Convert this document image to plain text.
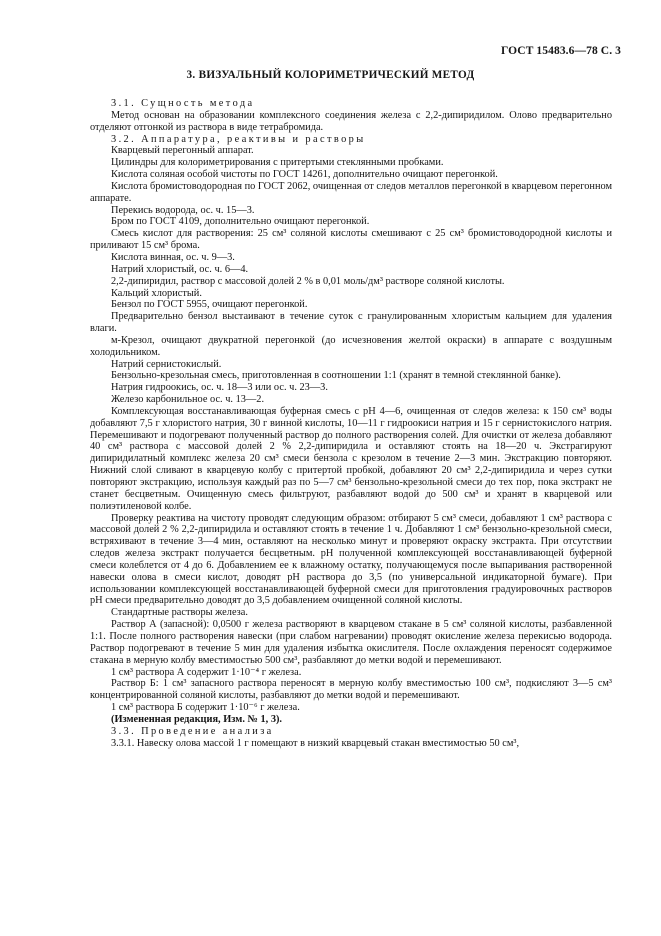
ГОСТ 15483.6—78 С. 3
3. ВИЗУАЛЬНЫЙ КОЛОРИМЕТРИЧЕСКИЙ МЕТОД

3.1. Сущность метода

Метод основан на образовании комплексного соединения железа с 2,2-дипиридилом. Олово предварительно отделяют отгонкой из раствора в виде тетрабромида.

3.2. Аппаратура, реактивы и растворы

Кварцевый перегонный аппарат.

Цилиндры для колориметрирования с притертыми стеклянными пробками.

Кислота соляная особой чистоты по ГОСТ 14261, дополнительно очищают перегонкой.

Кислота бромистоводородная по ГОСТ 2062, очищенная от следов металлов перегонкой в кварцевом перегонном аппарате.

Перекись водорода, ос. ч. 15—3.

Бром по ГОСТ 4109, дополнительно очищают перегонкой.

Смесь кислот для растворения: 25 см³ соляной кислоты смешивают с 25 см³ бромистоводородной кислоты и приливают 15 см³ брома.

Кислота винная, ос. ч. 9—3.

Натрий хлористый, ос. ч. 6—4.

2,2-дипиридил, раствор с массовой долей 2 % в 0,01 моль/дм³ растворе соляной кислоты.

Кальций хлористый.

Бензол по ГОСТ 5955, очищают перегонкой.

Предварительно бензол выстаивают в течение суток с гранулированным хлористым кальцием для удаления влаги.

м-Крезол, очищают двукратной перегонкой (до исчезновения желтой окраски) в аппарате с воздушным холодильником.

Натрий сернистокислый.

Бензольно-крезольная смесь, приготовленная в соотношении 1:1 (хранят в темной стеклянной банке).

Натрия гидроокись, ос. ч. 18—3 или ос. ч. 23—3.

Железо карбонильное ос. ч. 13—2.

Комплексующая восстанавливающая буферная смесь с рН 4—6, очищенная от следов железа: к 150 см³ воды добавляют 7,5 г хлористого натрия, 30 г винной кислоты, 10—11 г гидроокиси натрия и 15 г сернистокислого натрия. Перемешивают и подогревают полученный раствор до полного растворения солей. Для очистки от железа добавляют 40 см³ раствора с массовой долей 2 % 2,2-дипиридила и оставляют стоять на 18—20 ч. Экстрагируют дипиридилатный комплекс железа 20 см³ смеси бензола с крезолом в течение 2—3 мин. Экстракцию повторяют. Нижний слой сливают в кварцевую колбу с притертой пробкой, добавляют 20 см³ 2,2-дипиридила и через сутки повторяют экстракцию, используя каждый раз по 5—7 см³ бензольно-крезольной смеси до тех пор, пока экстракт не станет бесцветным. Очищенную смесь фильтруют, разбавляют водой до 500 см³ и хранят в кварцевой или полиэтиленовой колбе.

Проверку реактива на чистоту проводят следующим образом: отбирают 5 см³ смеси, добавляют 1 см³ раствора с массовой долей 2 % 2,2-дипиридила и оставляют стоять в течение 1 ч. Добавляют 1 см³ бензольно-крезольной смеси, встряхивают в течение 3—4 мин, оставляют на несколько минут и проверяют окраску экстракта. При отсутствии следов железа экстракт получается бесцветным. рН полученной комплексующей восстанавливающей буферной смеси колеблется от 4 до 6. Добавлением ее к влажному остатку, получающемуся после выпаривания растворенной навески олова в смеси кислот, доводят рН раствора до 3,5 (по универсальной индикаторной бумаге). При использовании комплексующей восстанавливающей буферной смеси для приготовления градуировочных растворов рН смеси предварительно доводят до 3,5 добавлением очищенной соляной кислоты.

Стандартные растворы железа.

Раствор А (запасной): 0,0500 г железа растворяют в кварцевом стакане в 5 см³ соляной кислоты, разбавленной 1:1. После полного растворения навески (при слабом нагревании) проводят окисление железа перекисью водорода. Раствор подогревают в течение 5 мин для удаления избытка окислителя. После охлаждения переносят содержимое стакана в мерную колбу вместимостью 500 см³, разбавляют до метки водой и перемешивают.

1 см³ раствора А содержит 1·10⁻⁴ г железа.

Раствор Б: 1 см³ запасного раствора переносят в мерную колбу вместимостью 100 см³, подкисляют 3—5 см³ концентрированной соляной кислоты, разбавляют до метки водой и перемешивают.

1 см³ раствора Б содержит 1·10⁻⁶ г железа.

(Измененная редакция, Изм. № 1, 3).

3.3. Проведение анализа

3.3.1. Навеску олова массой 1 г помещают в низкий кварцевый стакан вместимостью 50 см³,
